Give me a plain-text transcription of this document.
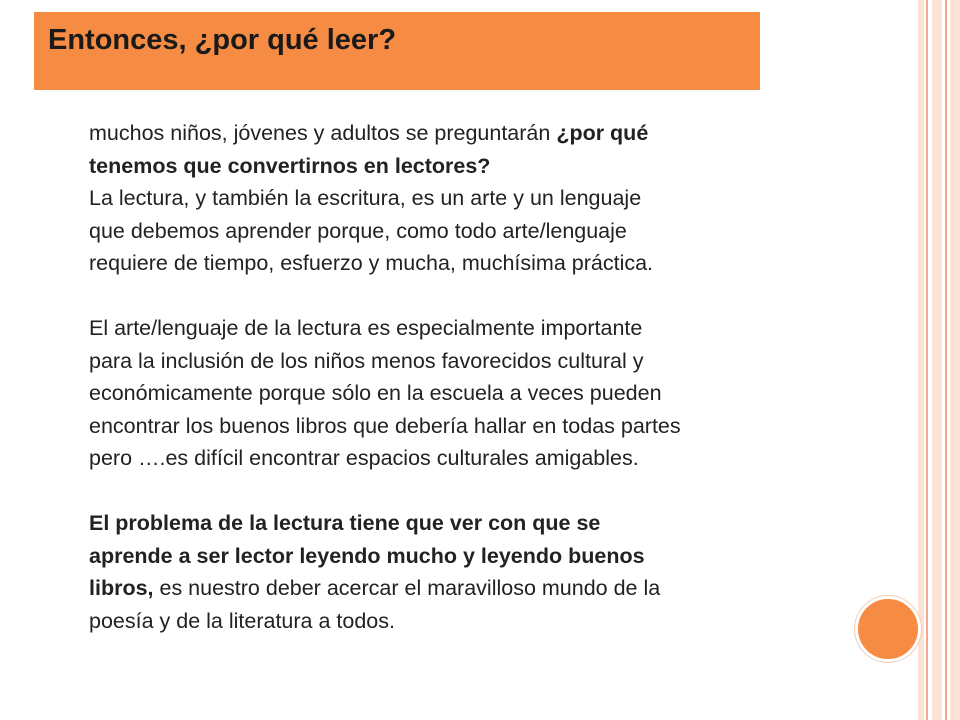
Entonces, ¿por qué leer?

muchos niños, jóvenes y adultos se preguntarán ¿por qué
tenemos que convertirnos en lectores?
La lectura, y también la escritura, es un arte y un lenguaje
que debemos aprender porque, como todo arte/lenguaje
requiere de tiempo, esfuerzo y mucha, muchísima práctica.

El arte/lenguaje de la lectura es especialmente importante
para la inclusión de los niños menos favorecidos cultural y
económicamente porque sólo en la escuela a veces pueden
encontrar los buenos libros que debería hallar en todas partes
pero ….es difícil encontrar espacios culturales amigables.

El problema de la lectura tiene que ver con que se
aprende a ser lector leyendo mucho y leyendo buenos
libros, es nuestro deber acercar el maravilloso mundo de la
poesía y de la literatura a todos.
